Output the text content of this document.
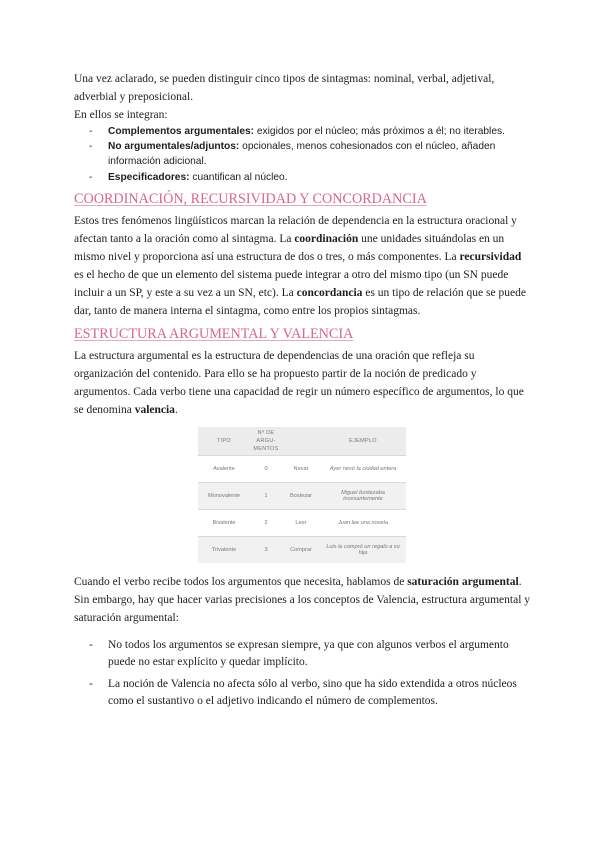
Una vez aclarado, se pueden distinguir cinco tipos de sintagmas: nominal, verbal, adjetival, adverbial y preposicional.

En ellos se integran:

- Complementos argumentales: exigidos por el núcleo; más próximos a él; no iterables.
- No argumentales/adjuntos: opcionales, menos cohesionados con el núcleo, añaden información adicional.
- Especificadores: cuantifican al núcleo.
COORDINACIÓN, RECURSIVIDAD Y CONCORDANCIA

Estos tres fenómenos lingüísticos marcan la relación de dependencia en la estructura oracional y afectan tanto a la oración como al sintagma. La coordinación une unidades situándolas en un mismo nivel y proporciona así una estructura de dos o tres, o más componentes. La recursividad es el hecho de que un elemento del sistema puede integrar a otro del mismo tipo (un SN puede incluir a un SP, y este a su vez a un SN, etc). La concordancia es un tipo de relación que se puede dar, tanto de manera interna el sintagma, como entre los propios sintagmas.

ESTRUCTURA ARGUMENTAL Y VALENCIA

La estructura argumental es la estructura de dependencias de una oración que refleja su organización del contenido. Para ello se ha propuesto partir de la noción de predicado y argumentos. Cada verbo tiene una capacidad de regir un número específico de argumentos, lo que se denomina valencia.

TIPO	Nº DE ARGU-MENTOS		EJEMPLO
Avalente	0	Nevar	Ayer nevó la ciudad entera
Monovalente	1	Bostezar	Miguel bostezaba incesantemente
Bivalente	2	Leer	Juan lee una novela
Trivalente	3	Comprar	Luis le compró un regalo a su hija

Cuando el verbo recibe todos los argumentos que necesita, hablamos de saturación argumental. Sin embargo, hay que hacer varias precisiones a los conceptos de Valencia, estructura argumental y saturación argumental:

- No todos los argumentos se expresan siempre, ya que con algunos verbos el argumento puede no estar explícito y quedar implícito.
- La noción de Valencia no afecta sólo al verbo, sino que ha sido extendida a otros núcleos como el sustantivo o el adjetivo indicando el número de complementos.
